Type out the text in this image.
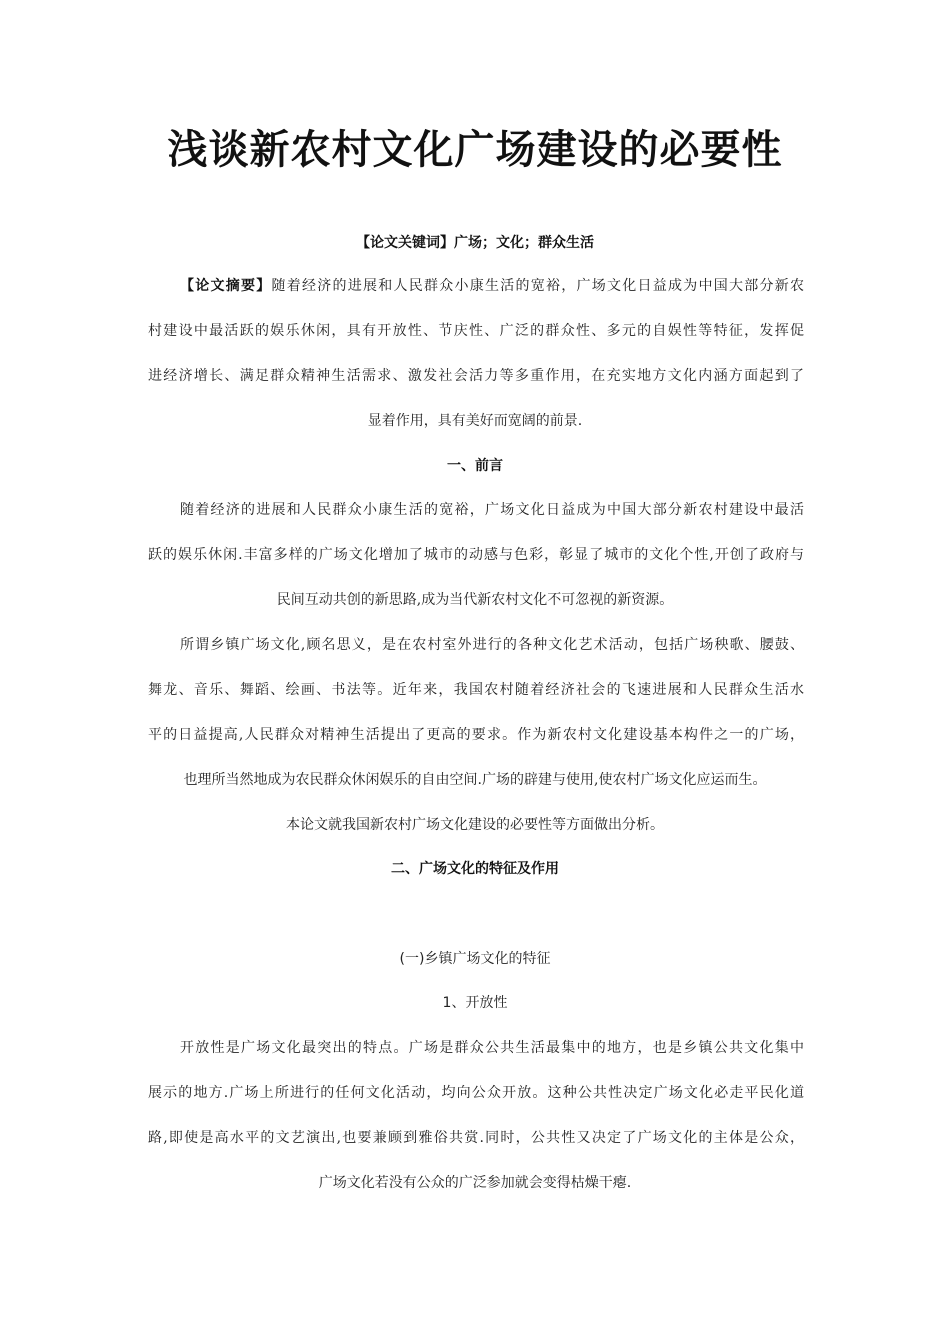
浅谈新农村文化广场建设的必要性
【论文关键词】广场；文化；群众生活
【论文摘要】随着经济的进展和人民群众小康生活的宽裕，广场文化日益成为中国大部分新农
村建设中最活跃的娱乐休闲，具有开放性、节庆性、广泛的群众性、多元的自娱性等特征，发挥促
进经济增长、满足群众精神生活需求、激发社会活力等多重作用，在充实地方文化内涵方面起到了
显着作用，具有美好而宽阔的前景.
一、前言
随着经济的进展和人民群众小康生活的宽裕，广场文化日益成为中国大部分新农村建设中最活
跃的娱乐休闲.丰富多样的广场文化增加了城市的动感与色彩，彰显了城市的文化个性,开创了政府与
民间互动共创的新思路,成为当代新农村文化不可忽视的新资源。
所谓乡镇广场文化,顾名思义，是在农村室外进行的各种文化艺术活动，包括广场秧歌、腰鼓、
舞龙、音乐、舞蹈、绘画、书法等。近年来，我国农村随着经济社会的飞速进展和人民群众生活水
平的日益提高,人民群众对精神生活提出了更高的要求。作为新农村文化建设基本构件之一的广场，
也理所当然地成为农民群众休闲娱乐的自由空间.广场的辟建与使用,使农村广场文化应运而生。
本论文就我国新农村广场文化建设的必要性等方面做出分析。
二、广场文化的特征及作用
(一)乡镇广场文化的特征
1、开放性
开放性是广场文化最突出的特点。广场是群众公共生活最集中的地方，也是乡镇公共文化集中
展示的地方.广场上所进行的任何文化活动，均向公众开放。这种公共性决定广场文化必走平民化道
路,即使是高水平的文艺演出,也要兼顾到雅俗共赏.同时，公共性又决定了广场文化的主体是公众，
广场文化若没有公众的广泛参加就会变得枯燥干瘪.
